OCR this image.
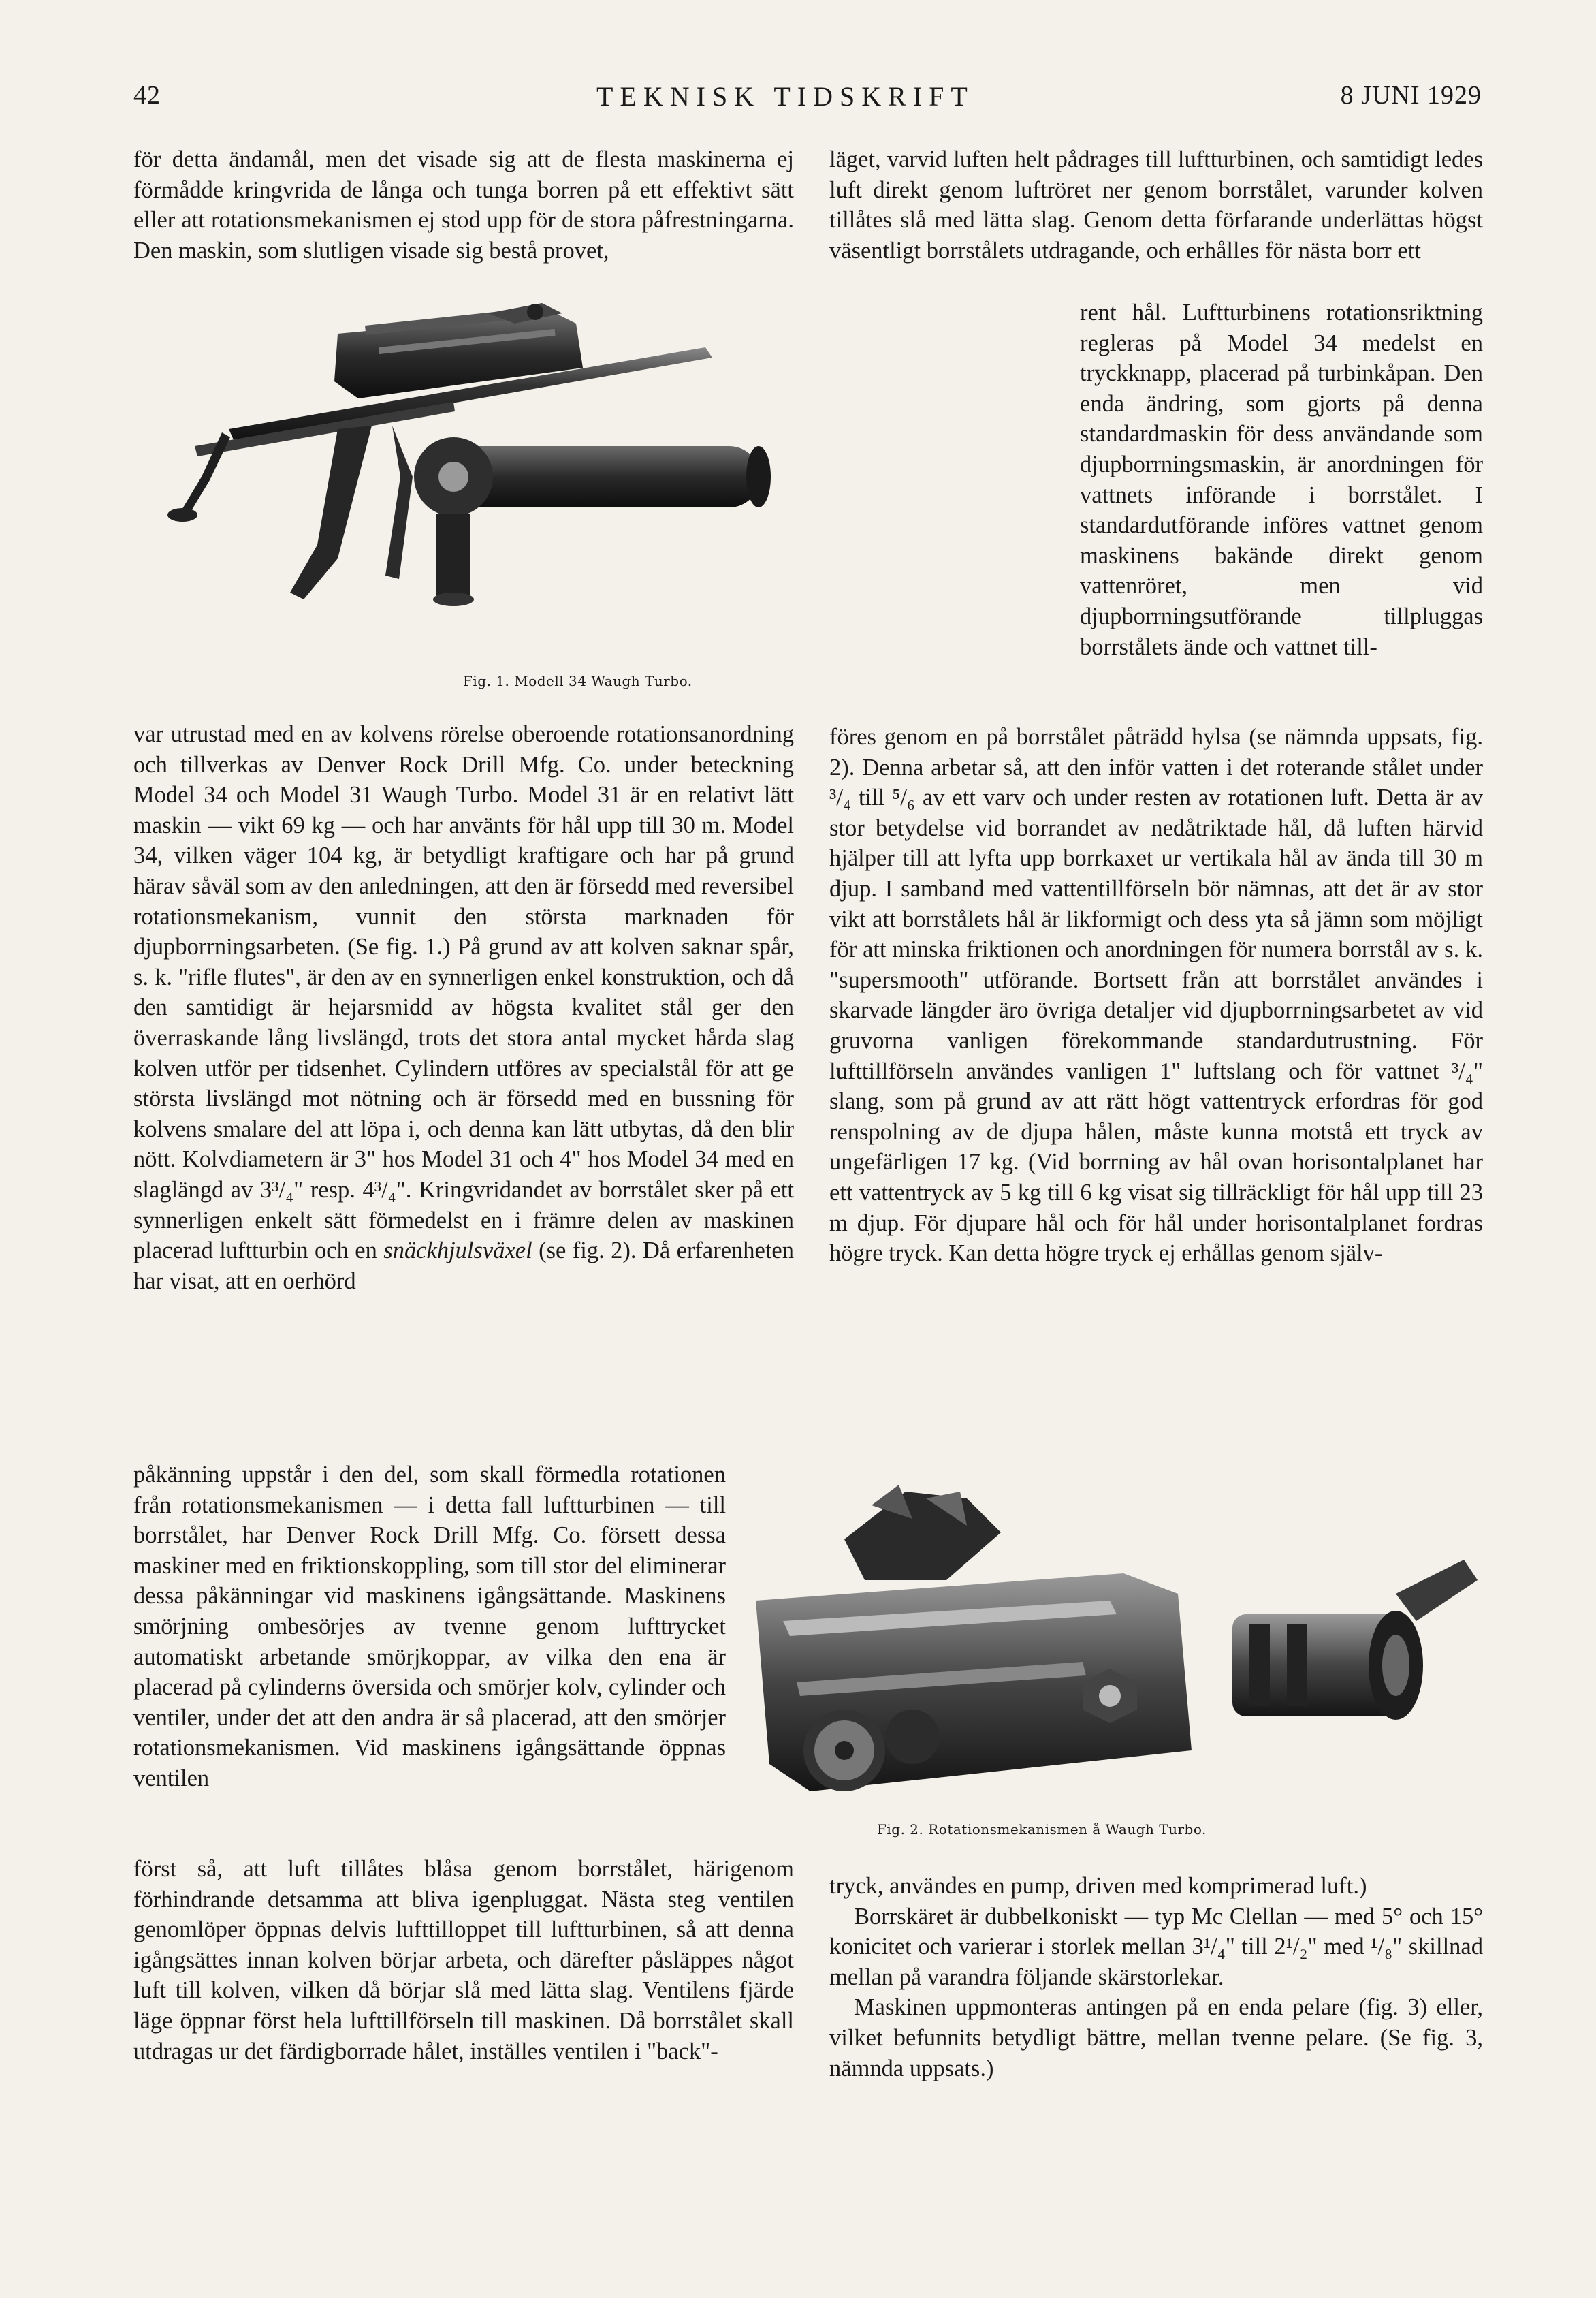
42	TEKNISK TIDSKRIFT	8 JUNI 1929

för detta ändamål, men det visade sig att de flesta maskinerna ej förmådde kringvrida de långa och tunga borren på ett effektivt sätt eller att rotationsmekanismen ej stod upp för de stora påfrestningarna. Den maskin, som slutligen visade sig bestå provet,

Fig. 1. Modell 34 Waugh Turbo.

var utrustad med en av kolvens rörelse oberoende rotationsanordning och tillverkas av Denver Rock Drill Mfg. Co. under beteckning Model 34 och Model 31 Waugh Turbo. Model 31 är en relativt lätt maskin — vikt 69 kg — och har använts för hål upp till 30 m. Model 34, vilken väger 104 kg, är betydligt kraftigare och har på grund härav såväl som av den anledningen, att den är försedd med reversibel rotationsmekanism, vunnit den största marknaden för djupborrningsarbeten. (Se fig. 1.) På grund av att kolven saknar spår, s. k. "rifle flutes", är den av en synnerligen enkel konstruktion, och då den samtidigt är hejarsmidd av högsta kvalitet stål ger den överraskande lång livslängd, trots det stora antal mycket hårda slag kolven utför per tidsenhet. Cylindern utföres av specialstål för att ge största livslängd mot nötning och är försedd med en bussning för kolvens smalare del att löpa i, och denna kan lätt utbytas, då den blir nött. Kolvdiametern är 3" hos Model 31 och 4" hos Model 34 med en slaglängd av 3³/₄" resp. 4³/₄". Kringvridandet av borrstålet sker på ett synnerligen enkelt sätt förmedelst en i främre delen av maskinen placerad luftturbin och en snäckhjulsväxel (se fig. 2). Då erfarenheten har visat, att en oerhörd

påkänning uppstår i den del, som skall förmedla rotationen från rotationsmekanismen — i detta fall luftturbinen — till borrstålet, har Denver Rock Drill Mfg. Co. försett dessa maskiner med en friktionskoppling, som till stor del eliminerar dessa påkänningar vid maskinens igångsättande. Maskinens smörjning ombesörjes av tvenne genom lufttrycket automatiskt arbetande smörjkoppar, av vilka den ena är placerad på cylinderns översida och smörjer kolv, cylinder och ventiler, under det att den andra är så placerad, att den smörjer rotationsmekanismen. Vid maskinens igångsättande öppnas ventilen

först så, att luft tillåtes blåsa genom borrstålet, härigenom förhindrande detsamma att bliva igenpluggat. Nästa steg ventilen genomlöper öppnas delvis lufttilloppet till luftturbinen, så att denna igångsättes innan kolven börjar arbeta, och därefter påsläppes något luft till kolven, vilken då börjar slå med lätta slag. Ventilens fjärde läge öppnar först hela lufttillförseln till maskinen. Då borrstålet skall utdragas ur det färdigborrade hålet, inställes ventilen i "back"-

läget, varvid luften helt pådrages till luftturbinen, och samtidigt ledes luft direkt genom luftröret ner genom borrstålet, varunder kolven tillåtes slå med lätta slag. Genom detta förfarande underlättas högst väsentligt borrstålets utdragande, och erhålles för nästa borr ett

rent hål. Luftturbinens rotationsriktning regleras på Model 34 medelst en tryckknapp, placerad på turbinkåpan. Den enda ändring, som gjorts på denna standardmaskin för dess användande som djupborrningsmaskin, är anordningen för vattnets införande i borrstålet. I standardutförande införes vattnet genom maskinens bakände direkt genom vattenröret, men vid djupborrningsutförande tillpluggas borrstålets ände och vattnet till-

föres genom en på borrstålet påträdd hylsa (se nämnda uppsats, fig. 2). Denna arbetar så, att den inför vatten i det roterande stålet under ³/₄ till ⁵/₆ av ett varv och under resten av rotationen luft. Detta är av stor betydelse vid borrandet av nedåtriktade hål, då luften härvid hjälper till att lyfta upp borrkaxet ur vertikala hål av ända till 30 m djup. I samband med vattentillförseln bör nämnas, att det är av stor vikt att borrstålets hål är likformigt och dess yta så jämn som möjligt för att minska friktionen och anordningen för numera borrstål av s. k. "supersmooth" utförande. Bortsett från att borrstålet användes i skarvade längder äro övriga detaljer vid djupborrningsarbetet av vid gruvorna vanligen förekommande standardutrustning. För lufttillförseln användes vanligen 1" luftslang och för vattnet ³/₄" slang, som på grund av att rätt högt vattentryck erfordras för god renspolning av de djupa hålen, måste kunna motstå ett tryck av ungefärligen 17 kg. (Vid borrning av hål ovan horisontalplanet har ett vattentryck av 5 kg till 6 kg visat sig tillräckligt för hål upp till 23 m djup. För djupare hål och för hål under horisontalplanet fordras högre tryck. Kan detta högre tryck ej erhållas genom själv-

Fig. 2. Rotationsmekanismen å Waugh Turbo.

tryck, användes en pump, driven med komprimerad luft.)

Borrskäret är dubbelkoniskt — typ Mc Clellan — med 5° och 15° konicitet och varierar i storlek mellan 3¹/₄" till 2¹/₂" med ¹/₈" skillnad mellan på varandra följande skärstorlekar.

Maskinen uppmonteras antingen på en enda pelare (fig. 3) eller, vilket befunnits betydligt bättre, mellan tvenne pelare. (Se fig. 3, nämnda uppsats.)
